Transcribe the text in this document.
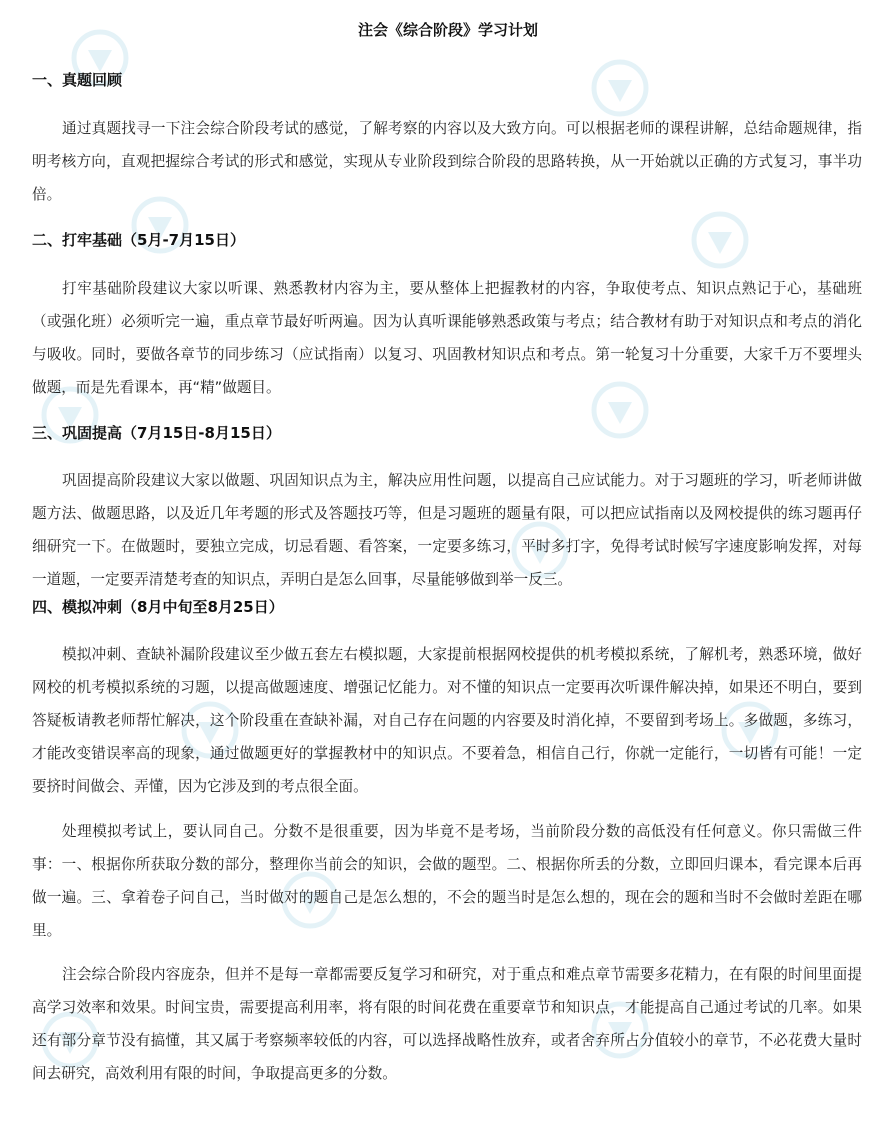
注会《综合阶段》学习计划
一、真题回顾

通过真题找寻一下注会综合阶段考试的感觉，了解考察的内容以及大致方向。可以根据老师的课程讲解，总结命题规律，指明考核方向，直观把握综合考试的形式和感觉，实现从专业阶段到综合阶段的思路转换，从一开始就以正确的方式复习，事半功倍。

二、打牢基础（5月-7月15日）

打牢基础阶段建议大家以听课、熟悉教材内容为主，要从整体上把握教材的内容，争取使考点、知识点熟记于心，基础班（或强化班）必须听完一遍，重点章节最好听两遍。因为认真听课能够熟悉政策与考点；结合教材有助于对知识点和考点的消化与吸收。同时，要做各章节的同步练习（应试指南）以复习、巩固教材知识点和考点。第一轮复习十分重要，大家千万不要埋头做题，而是先看课本，再“精”做题目。

三、巩固提高（7月15日-8月15日）

巩固提高阶段建议大家以做题、巩固知识点为主，解决应用性问题，以提高自己应试能力。对于习题班的学习，听老师讲做题方法、做题思路，以及近几年考题的形式及答题技巧等，但是习题班的题量有限，可以把应试指南以及网校提供的练习题再仔细研究一下。在做题时，要独立完成，切忌看题、看答案，一定要多练习，平时多打字，免得考试时候写字速度影响发挥，对每一道题，一定要弄清楚考查的知识点，弄明白是怎么回事，尽量能够做到举一反三。

四、模拟冲刺（8月中旬至8月25日）

模拟冲刺、查缺补漏阶段建议至少做五套左右模拟题，大家提前根据网校提供的机考模拟系统，了解机考，熟悉环境，做好网校的机考模拟系统的习题，以提高做题速度、增强记忆能力。对不懂的知识点一定要再次听课件解决掉，如果还不明白，要到答疑板请教老师帮忙解决，这个阶段重在查缺补漏，对自己存在问题的内容要及时消化掉，不要留到考场上。多做题，多练习，才能改变错误率高的现象，通过做题更好的掌握教材中的知识点。不要着急，相信自己行，你就一定能行，一切皆有可能！一定要挤时间做会、弄懂，因为它涉及到的考点很全面。

处理模拟考试上，要认同自己。分数不是很重要，因为毕竟不是考场，当前阶段分数的高低没有任何意义。你只需做三件事：一、根据你所获取分数的部分，整理你当前会的知识，会做的题型。二、根据你所丢的分数，立即回归课本，看完课本后再做一遍。三、拿着卷子问自己，当时做对的题自己是怎么想的，不会的题当时是怎么想的，现在会的题和当时不会做时差距在哪里。

注会综合阶段内容庞杂，但并不是每一章都需要反复学习和研究，对于重点和难点章节需要多花精力，在有限的时间里面提高学习效率和效果。时间宝贵，需要提高利用率，将有限的时间花费在重要章节和知识点，才能提高自己通过考试的几率。如果还有部分章节没有搞懂，其又属于考察频率较低的内容，可以选择战略性放弃，或者舍弃所占分值较小的章节，不必花费大量时间去研究，高效利用有限的时间，争取提高更多的分数。
